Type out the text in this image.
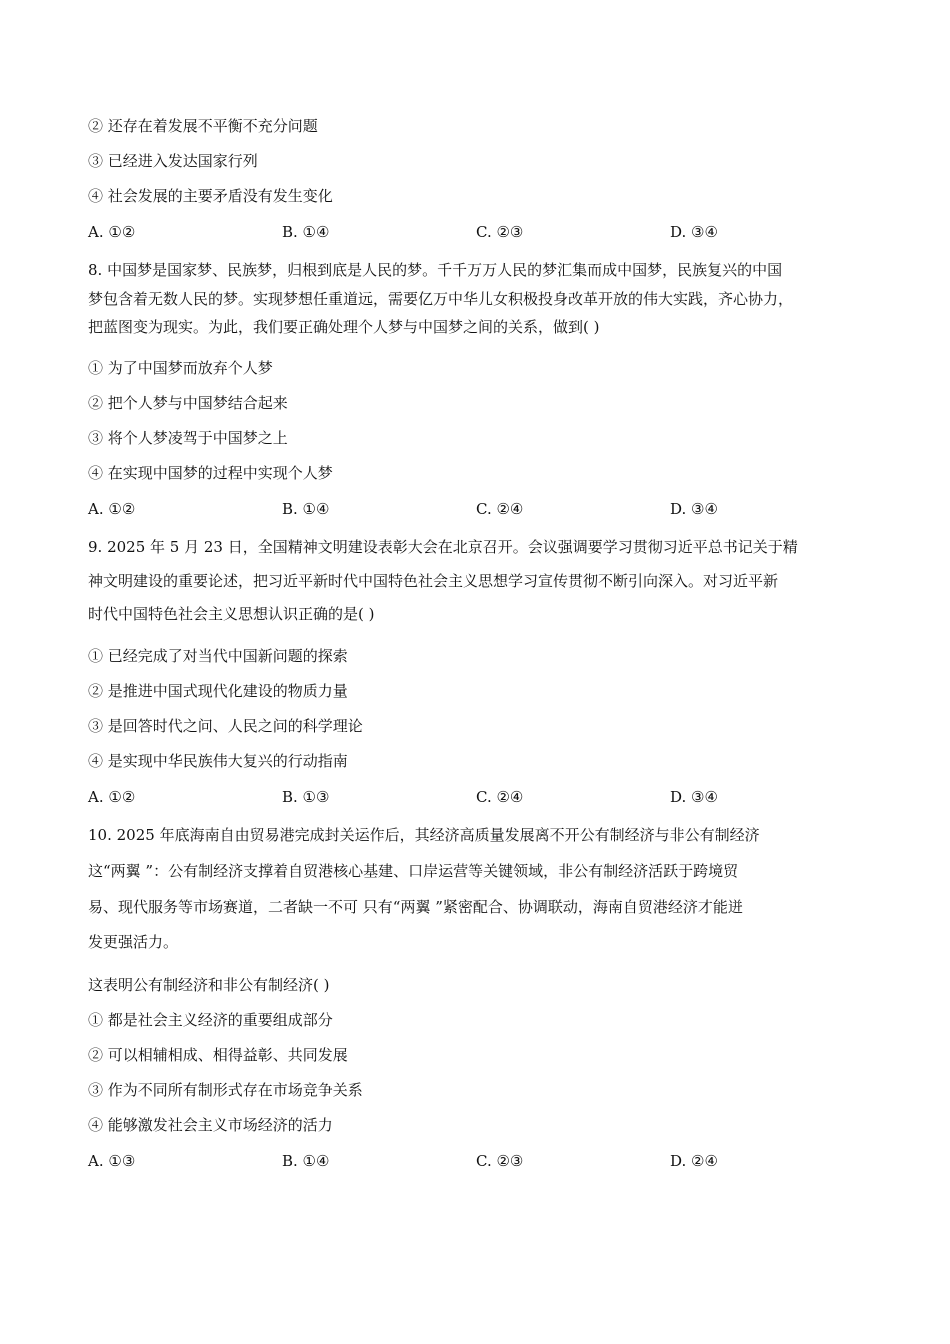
② 还存在着发展不平衡不充分问题
③ 已经进入发达国家行列
④ 社会发展的主要矛盾没有发生变化
A. ①②	B. ①④	C. ②③	D. ③④
8. 中国梦是国家梦、民族梦，归根到底是人民的梦。千千万万人民的梦汇集而成中国梦，民族复兴的中国
梦包含着无数人民的梦。实现梦想任重道远，需要亿万中华儿女积极投身改革开放的伟大实践，齐心协力，
把蓝图变为现实。为此，我们要正确处理个人梦与中国梦之间的关系，做到( )
① 为了中国梦而放弃个人梦
② 把个人梦与中国梦结合起来
③ 将个人梦凌驾于中国梦之上
④ 在实现中国梦的过程中实现个人梦
A. ①②	B. ①④	C. ②④	D. ③④
9. 2025 年 5 月 23 日，全国精神文明建设表彰大会在北京召开。会议强调要学习贯彻习近平总书记关于精
神文明建设的重要论述，把习近平新时代中国特色社会主义思想学习宣传贯彻不断引向深入。对习近平新
时代中国特色社会主义思想认识正确的是( )
① 已经完成了对当代中国新问题的探索
② 是推进中国式现代化建设的物质力量
③ 是回答时代之问、人民之问的科学理论
④ 是实现中华民族伟大复兴的行动指南
A. ①②	B. ①③	C. ②④	D. ③④
10. 2025 年底海南自由贸易港完成封关运作后，其经济高质量发展离不开公有制经济与非公有制经济
这“两翼 ”：公有制经济支撑着自贸港核心基建、口岸运营等关键领域，非公有制经济活跃于跨境贸
易、现代服务等市场赛道，二者缺一不可 只有“两翼 ”紧密配合、协调联动，海南自贸港经济才能迸
发更强活力。
这表明公有制经济和非公有制经济( )
① 都是社会主义经济的重要组成部分
② 可以相辅相成、相得益彰、共同发展
③ 作为不同所有制形式存在市场竞争关系
④ 能够激发社会主义市场经济的活力
A. ①③	B. ①④	C. ②③	D. ②④
